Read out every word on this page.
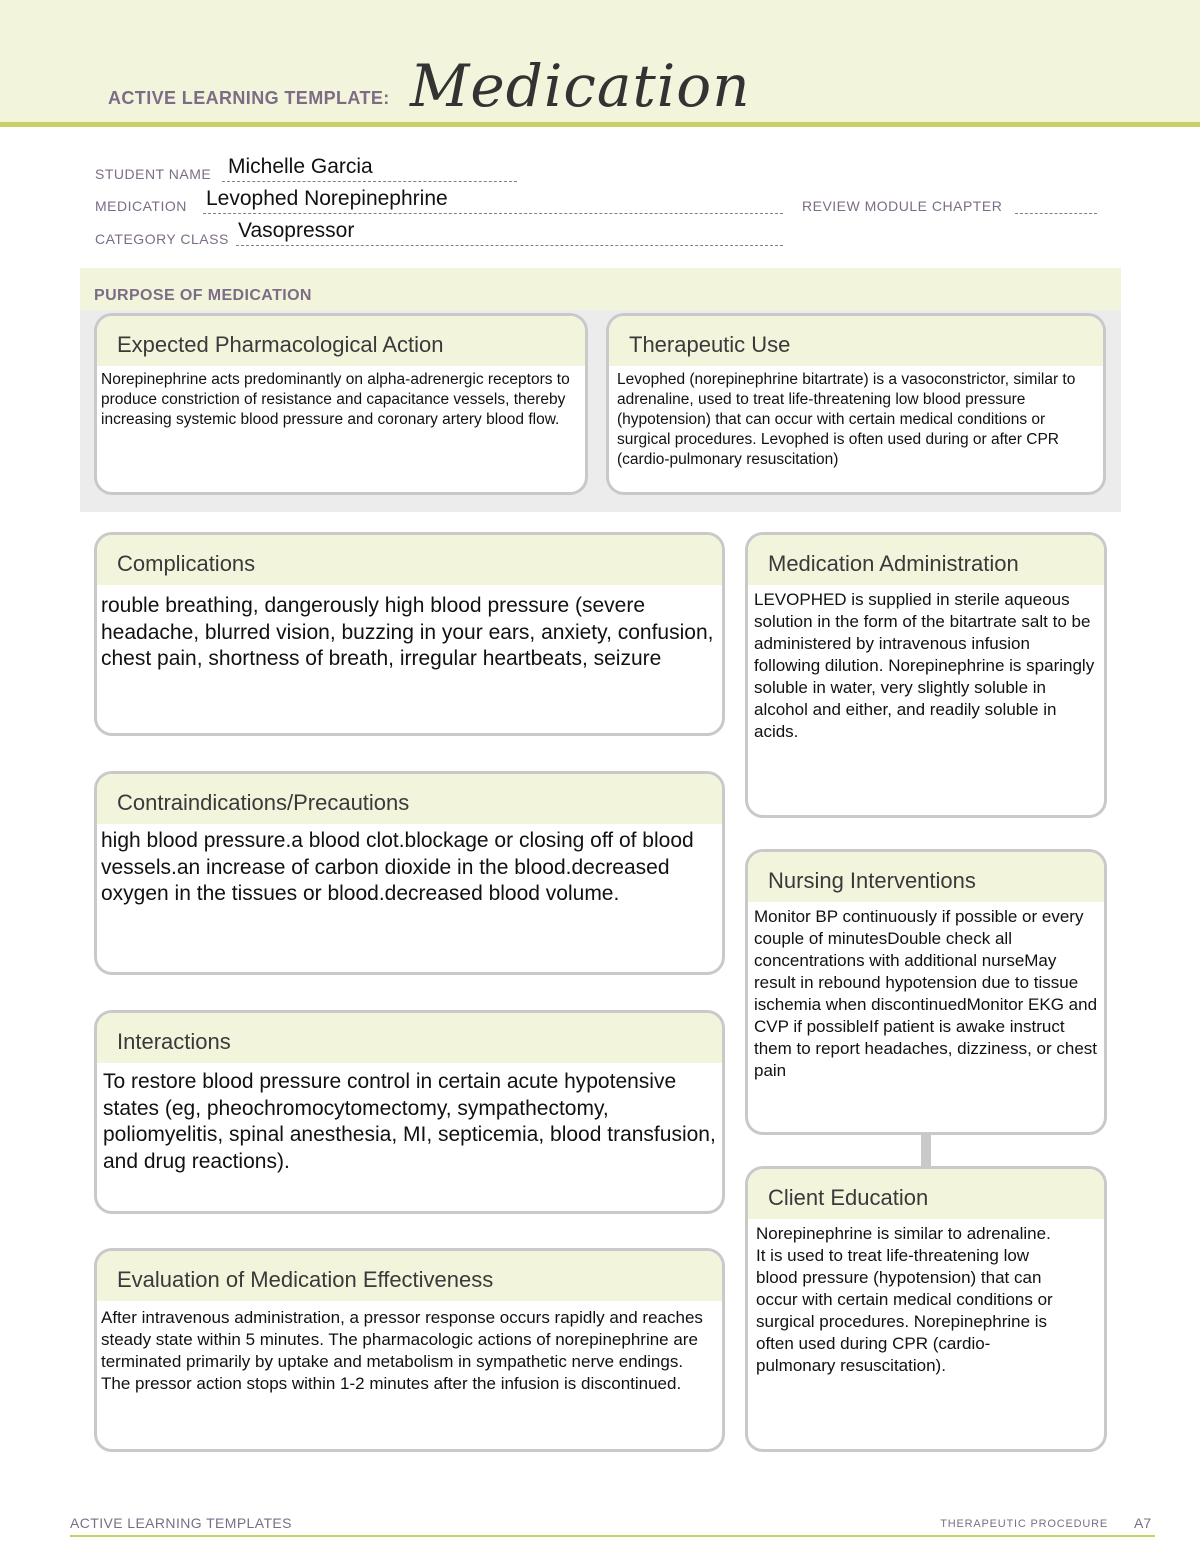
ACTIVE LEARNING TEMPLATE: Medication
STUDENT NAME Michelle Garcia
MEDICATION Levophed Norepinephrine	REVIEW MODULE CHAPTER
CATEGORY CLASS Vasopressor
PURPOSE OF MEDICATION
Expected Pharmacological Action
Norepinephrine acts predominantly on alpha-adrenergic receptors to produce constriction of resistance and capacitance vessels, thereby increasing systemic blood pressure and coronary artery blood flow.
Therapeutic Use
Levophed (norepinephrine bitartrate) is a vasoconstrictor, similar to adrenaline, used to treat life-threatening low blood pressure (hypotension) that can occur with certain medical conditions or surgical procedures. Levophed is often used during or after CPR (cardio-pulmonary resuscitation)
Complications
rouble breathing, dangerously high blood pressure (severe headache, blurred vision, buzzing in your ears, anxiety, confusion, chest pain, shortness of breath, irregular heartbeats, seizure
Contraindications/Precautions
high blood pressure.a blood clot.blockage or closing off of blood vessels.an increase of carbon dioxide in the blood.decreased oxygen in the tissues or blood.decreased blood volume.
Interactions
To restore blood pressure control in certain acute hypotensive states (eg, pheochromocytomectomy, sympathectomy, poliomyelitis, spinal anesthesia, MI, septicemia, blood transfusion, and drug reactions).
Evaluation of Medication Effectiveness
After intravenous administration, a pressor response occurs rapidly and reaches steady state within 5 minutes. The pharmacologic actions of norepinephrine are terminated primarily by uptake and metabolism in sympathetic nerve endings. The pressor action stops within 1-2 minutes after the infusion is discontinued.
Medication Administration
LEVOPHED is supplied in sterile aqueous solution in the form of the bitartrate salt to be administered by intravenous infusion following dilution. Norepinephrine is sparingly soluble in water, very slightly soluble in alcohol and either, and readily soluble in acids.
Nursing Interventions
Monitor BP continuously if possible or every couple of minutesDouble check all concentrations with additional nurseMay result in rebound hypotension due to tissue ischemia when discontinuedMonitor EKG and CVP if possibleIf patient is awake instruct them to report headaches, dizziness, or chest pain
Client Education
Norepinephrine is similar to adrenaline. It is used to treat life-threatening low blood pressure (hypotension) that can occur with certain medical conditions or surgical procedures. Norepinephrine is often used during CPR (cardio-pulmonary resuscitation).
ACTIVE LEARNING TEMPLATES	THERAPEUTIC PROCEDURE A7
